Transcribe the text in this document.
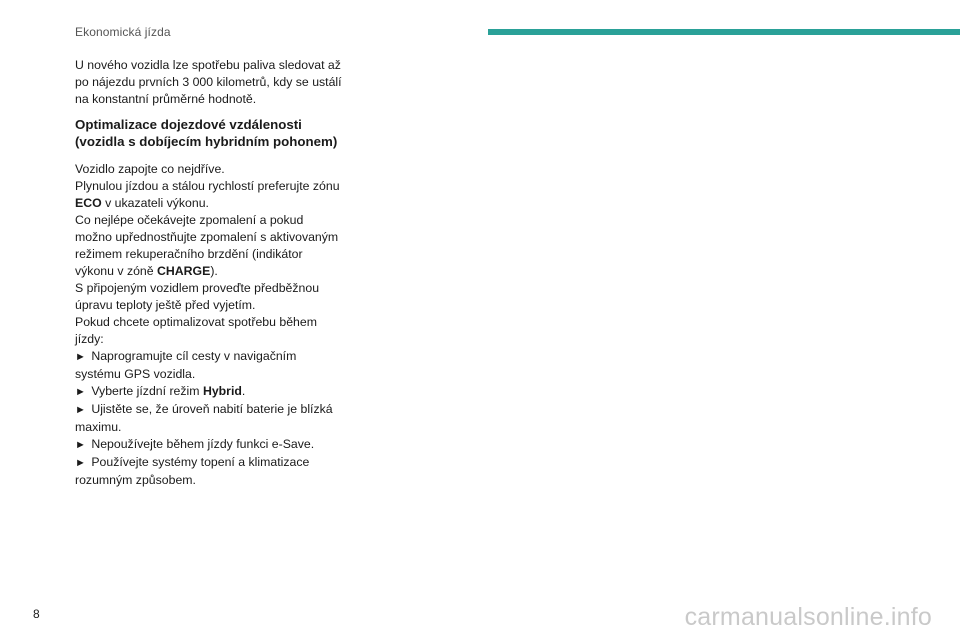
Ekonomická jízda

U nového vozidla lze spotřebu paliva sledovat až
po nájezdu prvních 3 000 kilometrů, kdy se ustálí
na konstantní průměrné hodnotě.

Optimalizace dojezdové vzdálenosti
(vozidla s dobíjecím hybridním pohonem)

Vozidlo zapojte co nejdříve.
Plynulou jízdou a stálou rychlostí preferujte zónu
ECO v ukazateli výkonu.
Co nejlépe očekávejte zpomalení a pokud
možno upřednostňujte zpomalení s aktivovaným
režimem rekuperačního brzdění (indikátor
výkonu v zóně CHARGE).
S připojeným vozidlem proveďte předběžnou
úpravu teploty ještě před vyjetím.
Pokud chcete optimalizovat spotřebu během
jízdy:
► Naprogramujte cíl cesty v navigačním
systému GPS vozidla.
► Vyberte jízdní režim Hybrid.
► Ujistěte se, že úroveň nabití baterie je blízká
maximu.
► Nepoužívejte během jízdy funkci e-Save.
► Používejte systémy topení a klimatizace
rozumným způsobem.

8	carmanualsonline.info
